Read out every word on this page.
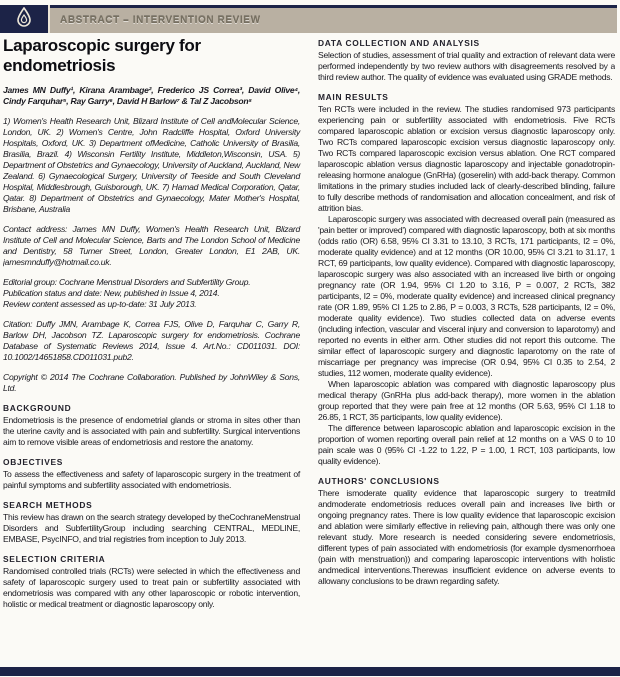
ABSTRACT – INTERVENTION REVIEW
Laparoscopic surgery for endometriosis

James MN Duffy¹, Kirana Arambage², Frederico JS Correa³, David Olive⁴, Cindy Farquhar⁵, Ray Garry⁶, David H Barlow⁷ & Tal Z Jacobson⁸

1) Women's Health Research Unit, Blizard Institute of Cell andMolecular Science, London, UK. 2) Women's Centre, John Radcliffe Hospital, Oxford University Hospitals, Oxford, UK. 3) Department ofMedicine, Catholic University of Brasilia, Brasilia, Brazil. 4) Wisconsin Fertility Institute, Middleton,Wisconsin, USA. 5) Department of Obstetrics and Gynaecology, University of Auckland, Auckland, New Zealand. 6) Gynaecological Surgery, University of Teeside and South Cleveland Hospital, Middlesbrough, Guisborough, UK. 7) Hamad Medical Corporation, Qatar, Qatar. 8) Department of Obstetrics and Gynaecology, Mater Mother's Hospital, Brisbane, Australia

Contact address: James MN Duffy, Women's Health Research Unit, Blizard Institute of Cell and Molecular Science, Barts and The London School of Medicine and Dentistry, 58 Turner Street, London, Greater London, E1 2AB, UK. jamesmnduffy@hotmail.co.uk.

Editorial group: Cochrane Menstrual Disorders and Subfertility Group.
Publication status and date: New, published in Issue 4, 2014.
Review content assessed as up-to-date: 31 July 2013.

Citation: Duffy JMN, Arambage K, Correa FJS, Olive D, Farquhar C, Garry R, Barlow DH, Jacobson TZ. Laparoscopic surgery for endometriosis. Cochrane Database of Systematic Reviews 2014, Issue 4. Art.No.: CD011031. DOI: 10.1002/14651858.CD011031.pub2.

Copyright © 2014 The Cochrane Collaboration. Published by JohnWiley & Sons, Ltd.

BACKGROUND

Endometriosis is the presence of endometrial glands or stroma in sites other than the uterine cavity and is associated with pain and subfertility. Surgical interventions aim to remove visible areas of endometriosis and restore the anatomy.

OBJECTIVES

To assess the effectiveness and safety of laparoscopic surgery in the treatment of painful symptoms and subfertility associated with endometriosis.

SEARCH METHODS

This review has drawn on the search strategy developed by theCochraneMenstrual Disorders and SubfertilityGroup including searching CENTRAL, MEDLINE, EMBASE, PsycINFO, and trial registries from inception to July 2013.

SELECTION CRITERIA

Randomised controlled trials (RCTs) were selected in which the effectiveness and safety of laparoscopic surgery used to treat pain or subfertility associated with endometriosis was compared with any other laparoscopic or robotic intervention, holistic or medical treatment or diagnostic laparoscopy only.

DATA COLLECTION AND ANALYSIS

Selection of studies, assessment of trial quality and extraction of relevant data were performed independently by two review authors with disagreements resolved by a third review author. The quality of evidence was evaluated using GRADE methods.

MAIN RESULTS

Ten RCTs were included in the review. The studies randomised 973 participants experiencing pain or subfertility associated with endometriosis. Five RCTs compared laparoscopic ablation or excision versus diagnostic laparoscopy only. Two RCTs compared laparoscopic excision versus diagnostic laparoscopy only. Two RCTs compared laparoscopic excision versus ablation. One RCT compared laparoscopic ablation versus diagnostic laparoscopy and injectable gonadotropin-releasing hormone analogue (GnRHa) (goserelin) with add-back therapy. Common limitations in the primary studies included lack of clearly-described blinding, failure to fully describe methods of randomisation and allocation concealment, and risk of attrition bias.

Laparoscopic surgery was associated with decreased overall pain (measured as 'pain better or improved') compared with diagnostic laparoscopy, both at six months (odds ratio (OR) 6.58, 95% CI 3.31 to 13.10, 3 RCTs, 171 participants, I2 = 0%, moderate quality evidence) and at 12 months (OR 10.00, 95% CI 3.21 to 31.17, 1 RCT, 69 participants, low quality evidence). Compared with diagnostic laparoscopy, laparoscopic surgery was also associated with an increased live birth or ongoing pregnancy rate (OR 1.94, 95% CI 1.20 to 3.16, P = 0.007, 2 RCTs, 382 participants, I2 = 0%, moderate quality evidence) and increased clinical pregnancy rate (OR 1.89, 95% CI 1.25 to 2.86, P = 0.003, 3 RCTs, 528 participants, I2 = 0%, moderate quality evidence). Two studies collected data on adverse events (including infection, vascular and visceral injury and conversion to laparotomy) and reported no events in either arm. Other studies did not report this outcome. The similar effect of laparoscopic surgery and diagnostic laparotomy on the rate of miscarriage per pregnancy was imprecise (OR 0.94, 95% CI 0.35 to 2.54, 2 studies, 112 women, moderate quality evidence).

When laparoscopic ablation was compared with diagnostic laparoscopy plus medical therapy (GnRHa plus add-back therapy), more women in the ablation group reported that they were pain free at 12 months (OR 5.63, 95% CI 1.18 to 26.85, 1 RCT, 35 participants, low quality evidence).

The difference between laparoscopic ablation and laparoscopic excision in the proportion of women reporting overall pain relief at 12 months on a VAS 0 to 10 pain scale was 0 (95% CI -1.22 to 1.22, P = 1.00, 1 RCT, 103 participants, low quality evidence).

AUTHORS' CONCLUSIONS

There ismoderate quality evidence that laparoscopic surgery to treatmild andmoderate endometriosis reduces overall pain and increases live birth or ongoing pregnancy rates. There is low quality evidence that laparoscopic excision and ablation were similarly effective in relieving pain, although there was only one relevant study. More research is needed considering severe endometriosis, different types of pain associated with endometriosis (for example dysmenorrhoea (pain with menstruation)) and comparing laparoscopic interventions with holistic andmedical interventions.Therewas insufficient evidence on adverse events to allowany conclusions to be drawn regarding safety.
